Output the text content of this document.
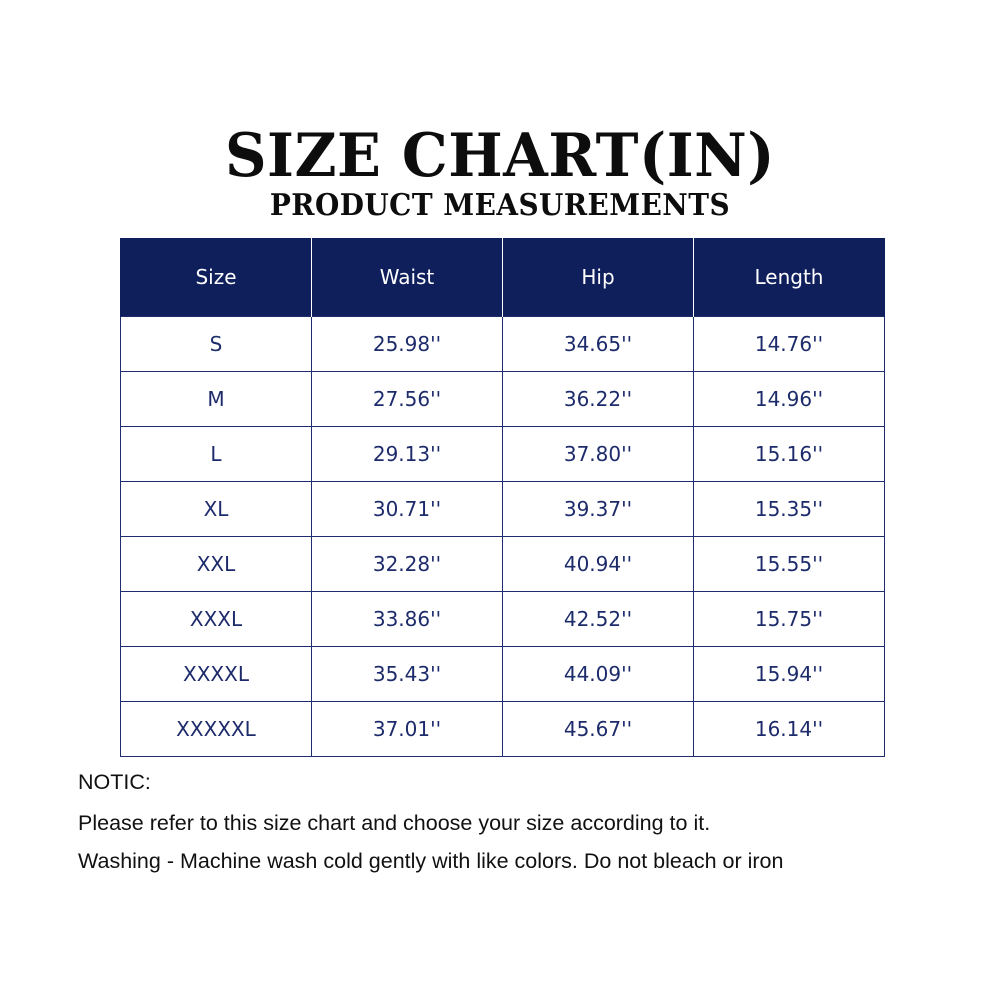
SIZE CHART(IN)
PRODUCT MEASUREMENTS
Size	Waist	Hip	Length
S	25.98''	34.65''	14.76''
M	27.56''	36.22''	14.96''
L	29.13''	37.80''	15.16''
XL	30.71''	39.37''	15.35''
XXL	32.28''	40.94''	15.55''
XXXL	33.86''	42.52''	15.75''
XXXXL	35.43''	44.09''	15.94''
XXXXXL	37.01''	45.67''	16.14''
NOTIC:
Please refer to this size chart and choose your size according to it.
Washing - Machine wash cold gently with like colors. Do not bleach or iron
